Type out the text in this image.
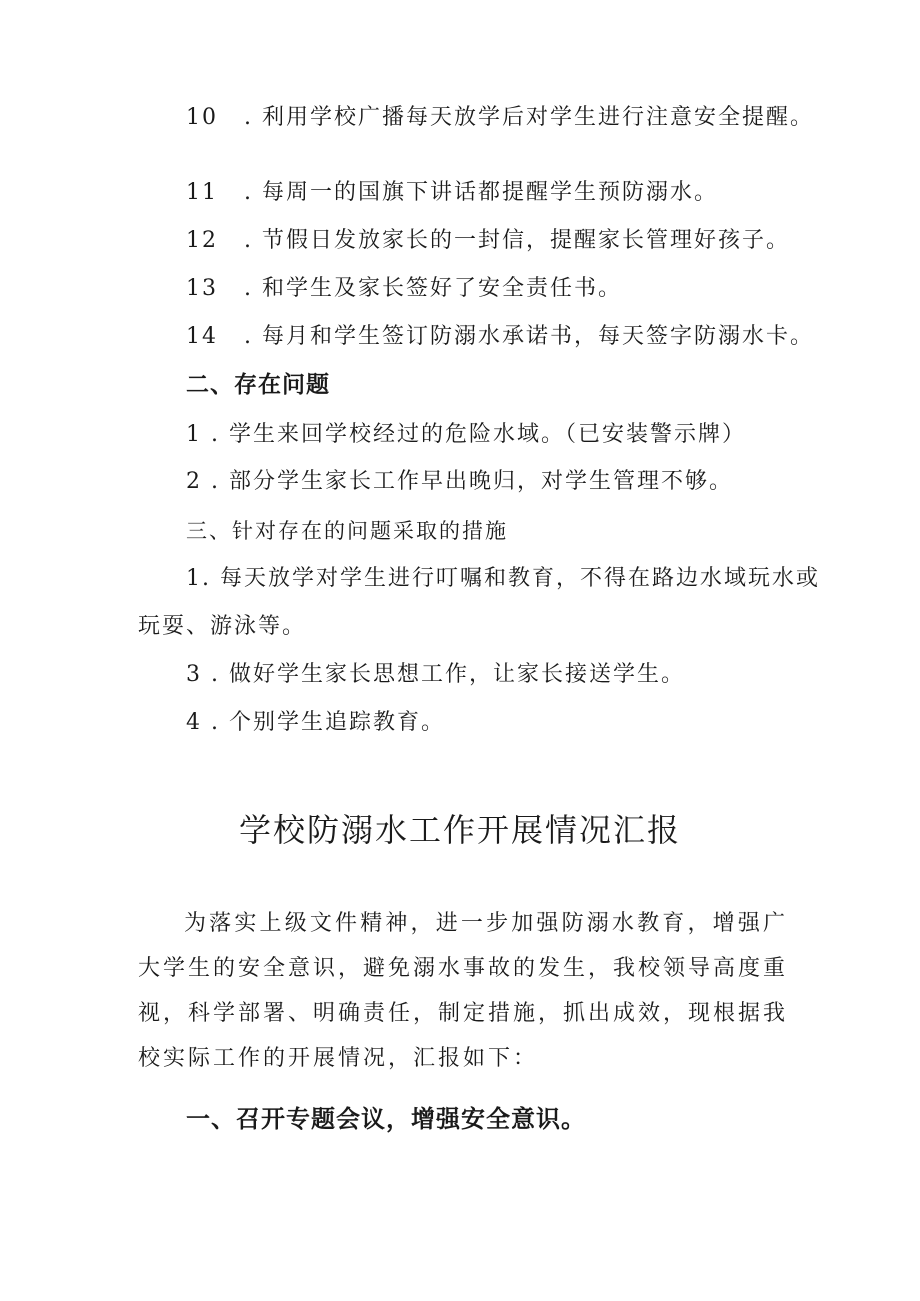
10 . 利用学校广播每天放学后对学生进行注意安全提醒。
11 . 每周一的国旗下讲话都提醒学生预防溺水。
12 . 节假日发放家长的一封信，提醒家长管理好孩子。
13 . 和学生及家长签好了安全责任书。
14 . 每月和学生签订防溺水承诺书，每天签字防溺水卡。
二、存在问题
1 . 学生来回学校经过的危险水域。（已安装警示牌）
2 . 部分学生家长工作早出晚归，对学生管理不够。
三、针对存在的问题采取的措施
1. 每天放学对学生进行叮嘱和教育，不得在路边水域玩水或
玩耍、游泳等。
3 . 做好学生家长思想工作，让家长接送学生。
4 . 个别学生追踪教育。
学校防溺水工作开展情况汇报
为落实上级文件精神，进一步加强防溺水教育，增强广大学生的安全意识，避免溺水事故的发生，我校领导高度重视，科学部署、明确责任，制定措施，抓出成效，现根据我校实际工作的开展情况，汇报如下：
一、召开专题会议，增强安全意识。
